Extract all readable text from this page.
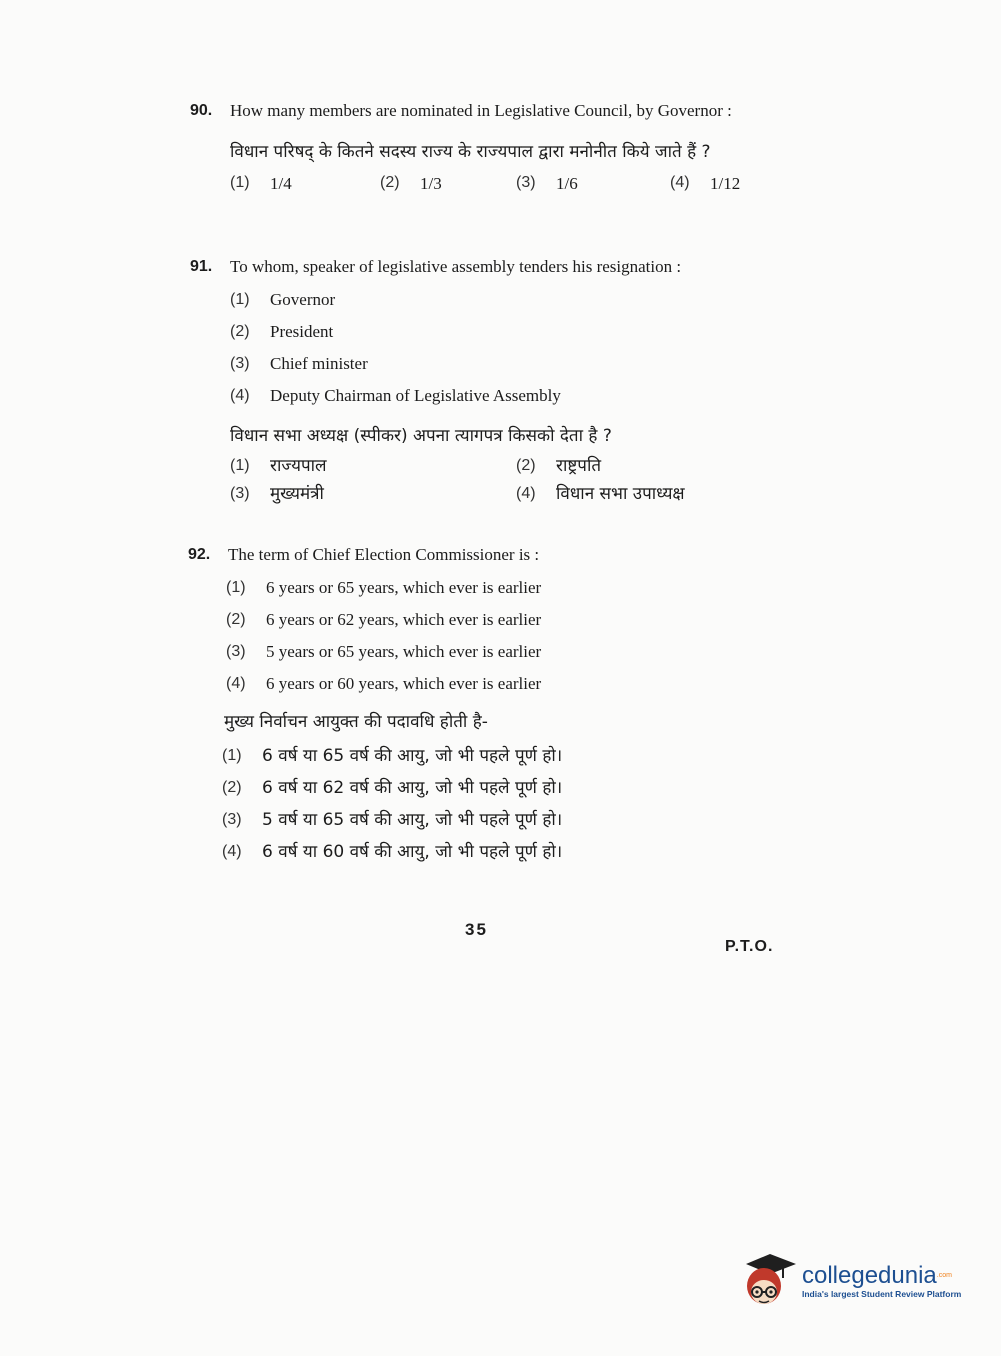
90.	How many members are nominated in Legislative Council, by Governor :
विधान परिषद् के कितने सदस्य राज्य के राज्यपाल द्वारा मनोनीत किये जाते हैं ?
(1)	1/4	(2)	1/3	(3)	1/6	(4)	1/12
91.	To whom, speaker of legislative assembly tenders his resignation :
(1)	Governor
(2)	President
(3)	Chief minister
(4)	Deputy Chairman of Legislative Assembly
विधान सभा अध्यक्ष (स्पीकर) अपना त्यागपत्र किसको देता है ?
(1)	राज्यपाल	(2)	राष्ट्रपति
(3)	मुख्यमंत्री	(4)	विधान सभा उपाध्यक्ष
92.	The term of Chief Election Commissioner is :
(1)	6 years or 65 years, which ever is earlier
(2)	6 years or 62 years, which ever is earlier
(3)	5 years or 65 years, which ever is earlier
(4)	6 years or 60 years, which ever is earlier
मुख्य निर्वाचन आयुक्त की पदावधि होती है-
(1)	6 वर्ष या 65 वर्ष की आयु, जो भी पहले पूर्ण हो।
(2)	6 वर्ष या 62 वर्ष की आयु, जो भी पहले पूर्ण हो।
(3)	5 वर्ष या 65 वर्ष की आयु, जो भी पहले पूर्ण हो।
(4)	6 वर्ष या 60 वर्ष की आयु, जो भी पहले पूर्ण हो।
35
P.T.O.
collegedunia$^{.com}$
India's largest Student Review Platform
